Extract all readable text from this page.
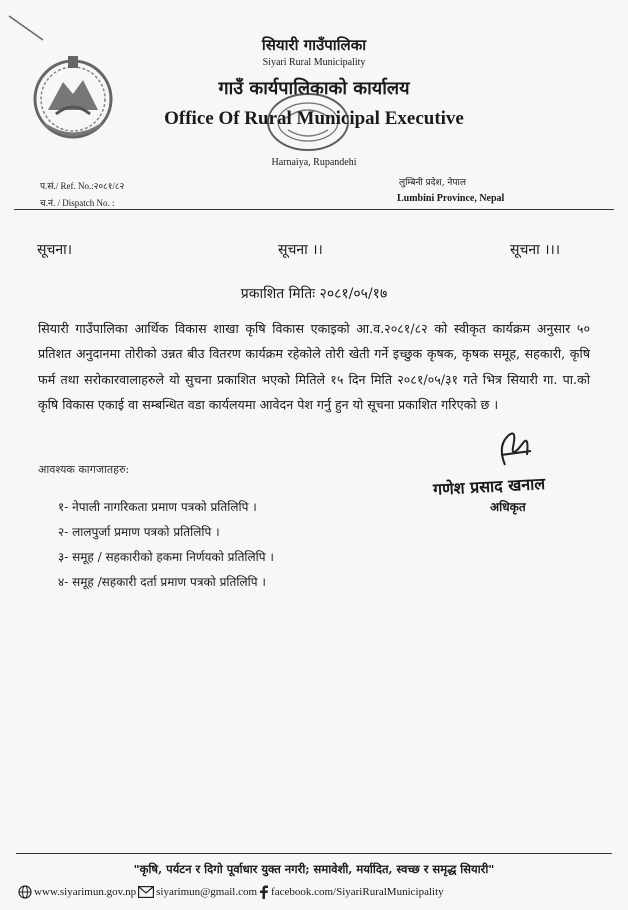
सियारी गाउँपालिका
Siyari Rural Municipality
गाउँ कार्यपालिकाको कार्यालय
Office Of Rural Municipal Executive
Harnaiya, Rupandehi
प.सं./ Ref. No.:२०८१/८२
च.नं. / Dispatch No. :
लुम्बिनी प्रदेश, नेपाल
Lumbini Province, Nepal
सूचना।	सूचना ।।	सूचना ।।।
प्रकाशित मितिः २०८१/०५/१७

सियारी गाउँपालिका आर्थिक विकास शाखा कृषि विकास एकाइको आ.व.२०८१/८२ को स्वीकृत कार्यक्रम अनुसार ५० प्रतिशत अनुदानमा तोरीको उन्नत बीउ वितरण कार्यक्रम रहेकोले तोरी खेती गर्ने इच्छुक कृषक, कृषक समूह, सहकारी, कृषि फर्म तथा सरोकारवालाहरुले यो सुचना प्रकाशित भएको मितिले १५ दिन मिति २०८१/०५/३१ गते भित्र सियारी गा. पा.को कृषि विकास एकाई वा सम्बन्धित वडा कार्यलयमा आवेदन पेश गर्नु हुन यो सूचना प्रकाशित गरिएको छ ।

आवश्यक कागजातहरु:
१- नेपाली नागरिकता प्रमाण पत्रको प्रतिलिपि ।
२- लालपुर्जा प्रमाण पत्रको प्रतिलिपि ।
३- समूह / सहकारीको हकमा निर्णयको प्रतिलिपि ।
४- समूह /सहकारी दर्ता प्रमाण पत्रको प्रतिलिपि ।
गणेश प्रसाद खनाल
अधिकृत
"कृषि, पर्यटन र दिगो पूर्वाधार युक्त नगरी; समावेशी, मर्यादित, स्वच्छ र समृद्ध सियारी"
www.siyarimun.gov.np siyarimun@gmail.com facebook.com/SiyariRuralMunicipality
